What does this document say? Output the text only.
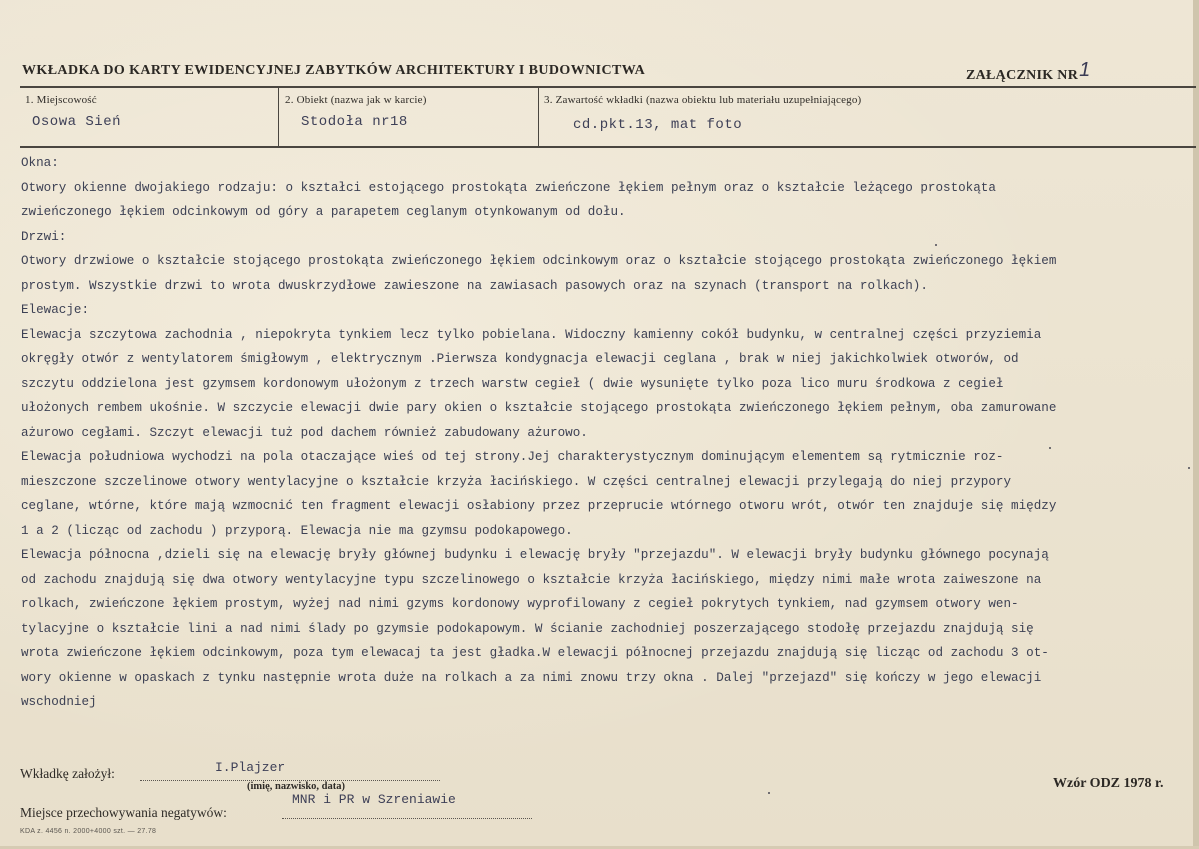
WKŁADKA DO KARTY EWIDENCYJNEJ ZABYTKÓW ARCHITEKTURY I BUDOWNICTWA	ZAŁĄCZNIK NR1
1. Miejscowość
Osowa Sień
2. Obiekt (nazwa jak w karcie)
Stodoła nr18
3. Zawartość wkładki (nazwa obiektu lub materiału uzupełniającego)
cd.pkt.13, mat foto
Okna:
Otwory okienne dwojakiego rodzaju: o kształci estojącego prostokąta zwieńczone łękiem pełnym oraz o kształcie leżącego prostokąta
zwieńczonego łękiem odcinkowym od góry a parapetem ceglanym otynkowanym od dołu.
Drzwi:
Otwory drzwiowe o kształcie stojącego prostokąta zwieńczonego łękiem odcinkowym oraz o kształcie stojącego prostokąta zwieńczonego łękiem
prostym. Wszystkie drzwi to wrota dwuskrzydłowe zawieszone na zawiasach pasowych oraz na szynach (transport na rolkach).
Elewacje:
Elewacja szczytowa zachodnia , niepokryta tynkiem lecz tylko pobielana. Widoczny kamienny cokół budynku, w centralnej części przyziemia
okręgły otwór z wentylatorem śmigłowym , elektrycznym .Pierwsza kondygnacja elewacji ceglana , brak w niej jakichkolwiek otworów, od
szczytu oddzielona jest gzymsem kordonowym ułożonym z trzech warstw cegieł ( dwie wysunięte tylko poza lico muru środkowa z cegieł
ułożonych rembem ukośnie. W szczycie elewacji dwie pary okien o kształcie stojącego prostokąta zwieńczonego łękiem pełnym, oba zamurowane
ażurowo cegłami. Szczyt elewacji tuż pod dachem również zabudowany ażurowo.
Elewacja południowa wychodzi na pola otaczające wieś od tej strony.Jej charakterystycznym dominującym elementem są rytmicznie roz-
mieszczone szczelinowe otwory wentylacyjne o kształcie krzyża łacińskiego. W części centralnej elewacji przylegają do niej przypory
ceglane, wtórne, które mają wzmocnić ten fragment elewacji osłabiony przez przeprucie wtórnego otworu wrót, otwór ten znajduje się między
1 a 2 (licząc od zachodu ) przyporą. Elewacja nie ma gzymsu podokapowego.
Elewacja północna ,dzieli się na elewację bryły głównej budynku i elewację bryły "przejazdu". W elewacji bryły budynku głównego pocynają
od zachodu znajdują się dwa otwory wentylacyjne typu szczelinowego o kształcie krzyża łacińskiego, między nimi małe wrota zaiweszone na
rolkach, zwieńczone łękiem prostym, wyżej nad nimi gzyms kordonowy wyprofilowany z cegieł pokrytych tynkiem, nad gzymsem otwory wen-
tylacyjne o kształcie lini a nad nimi ślady po gzymsie podokapowym. W ścianie zachodniej poszerzającego stodołę przejazdu znajdują się
wrota zwieńczone łękiem odcinkowym, poza tym elewacaj ta jest gładka.W elewacji północnej przejazdu znajdują się licząc od zachodu 3 ot-
wory okienne w opaskach z tynku następnie wrota duże na rolkach a za nimi znowu trzy okna . Dalej "przejazd" się kończy w jego elewacji
wschodniej
Wkładkę założył:	I.Plajzer
(imię, nazwisko, data)
Miejsce przechowywania negatywów:
MNR i PR w Szreniawie
Wzór ODZ 1978 r.
KDA z. 4456 n. 2000+4000 szt. — 27.78
